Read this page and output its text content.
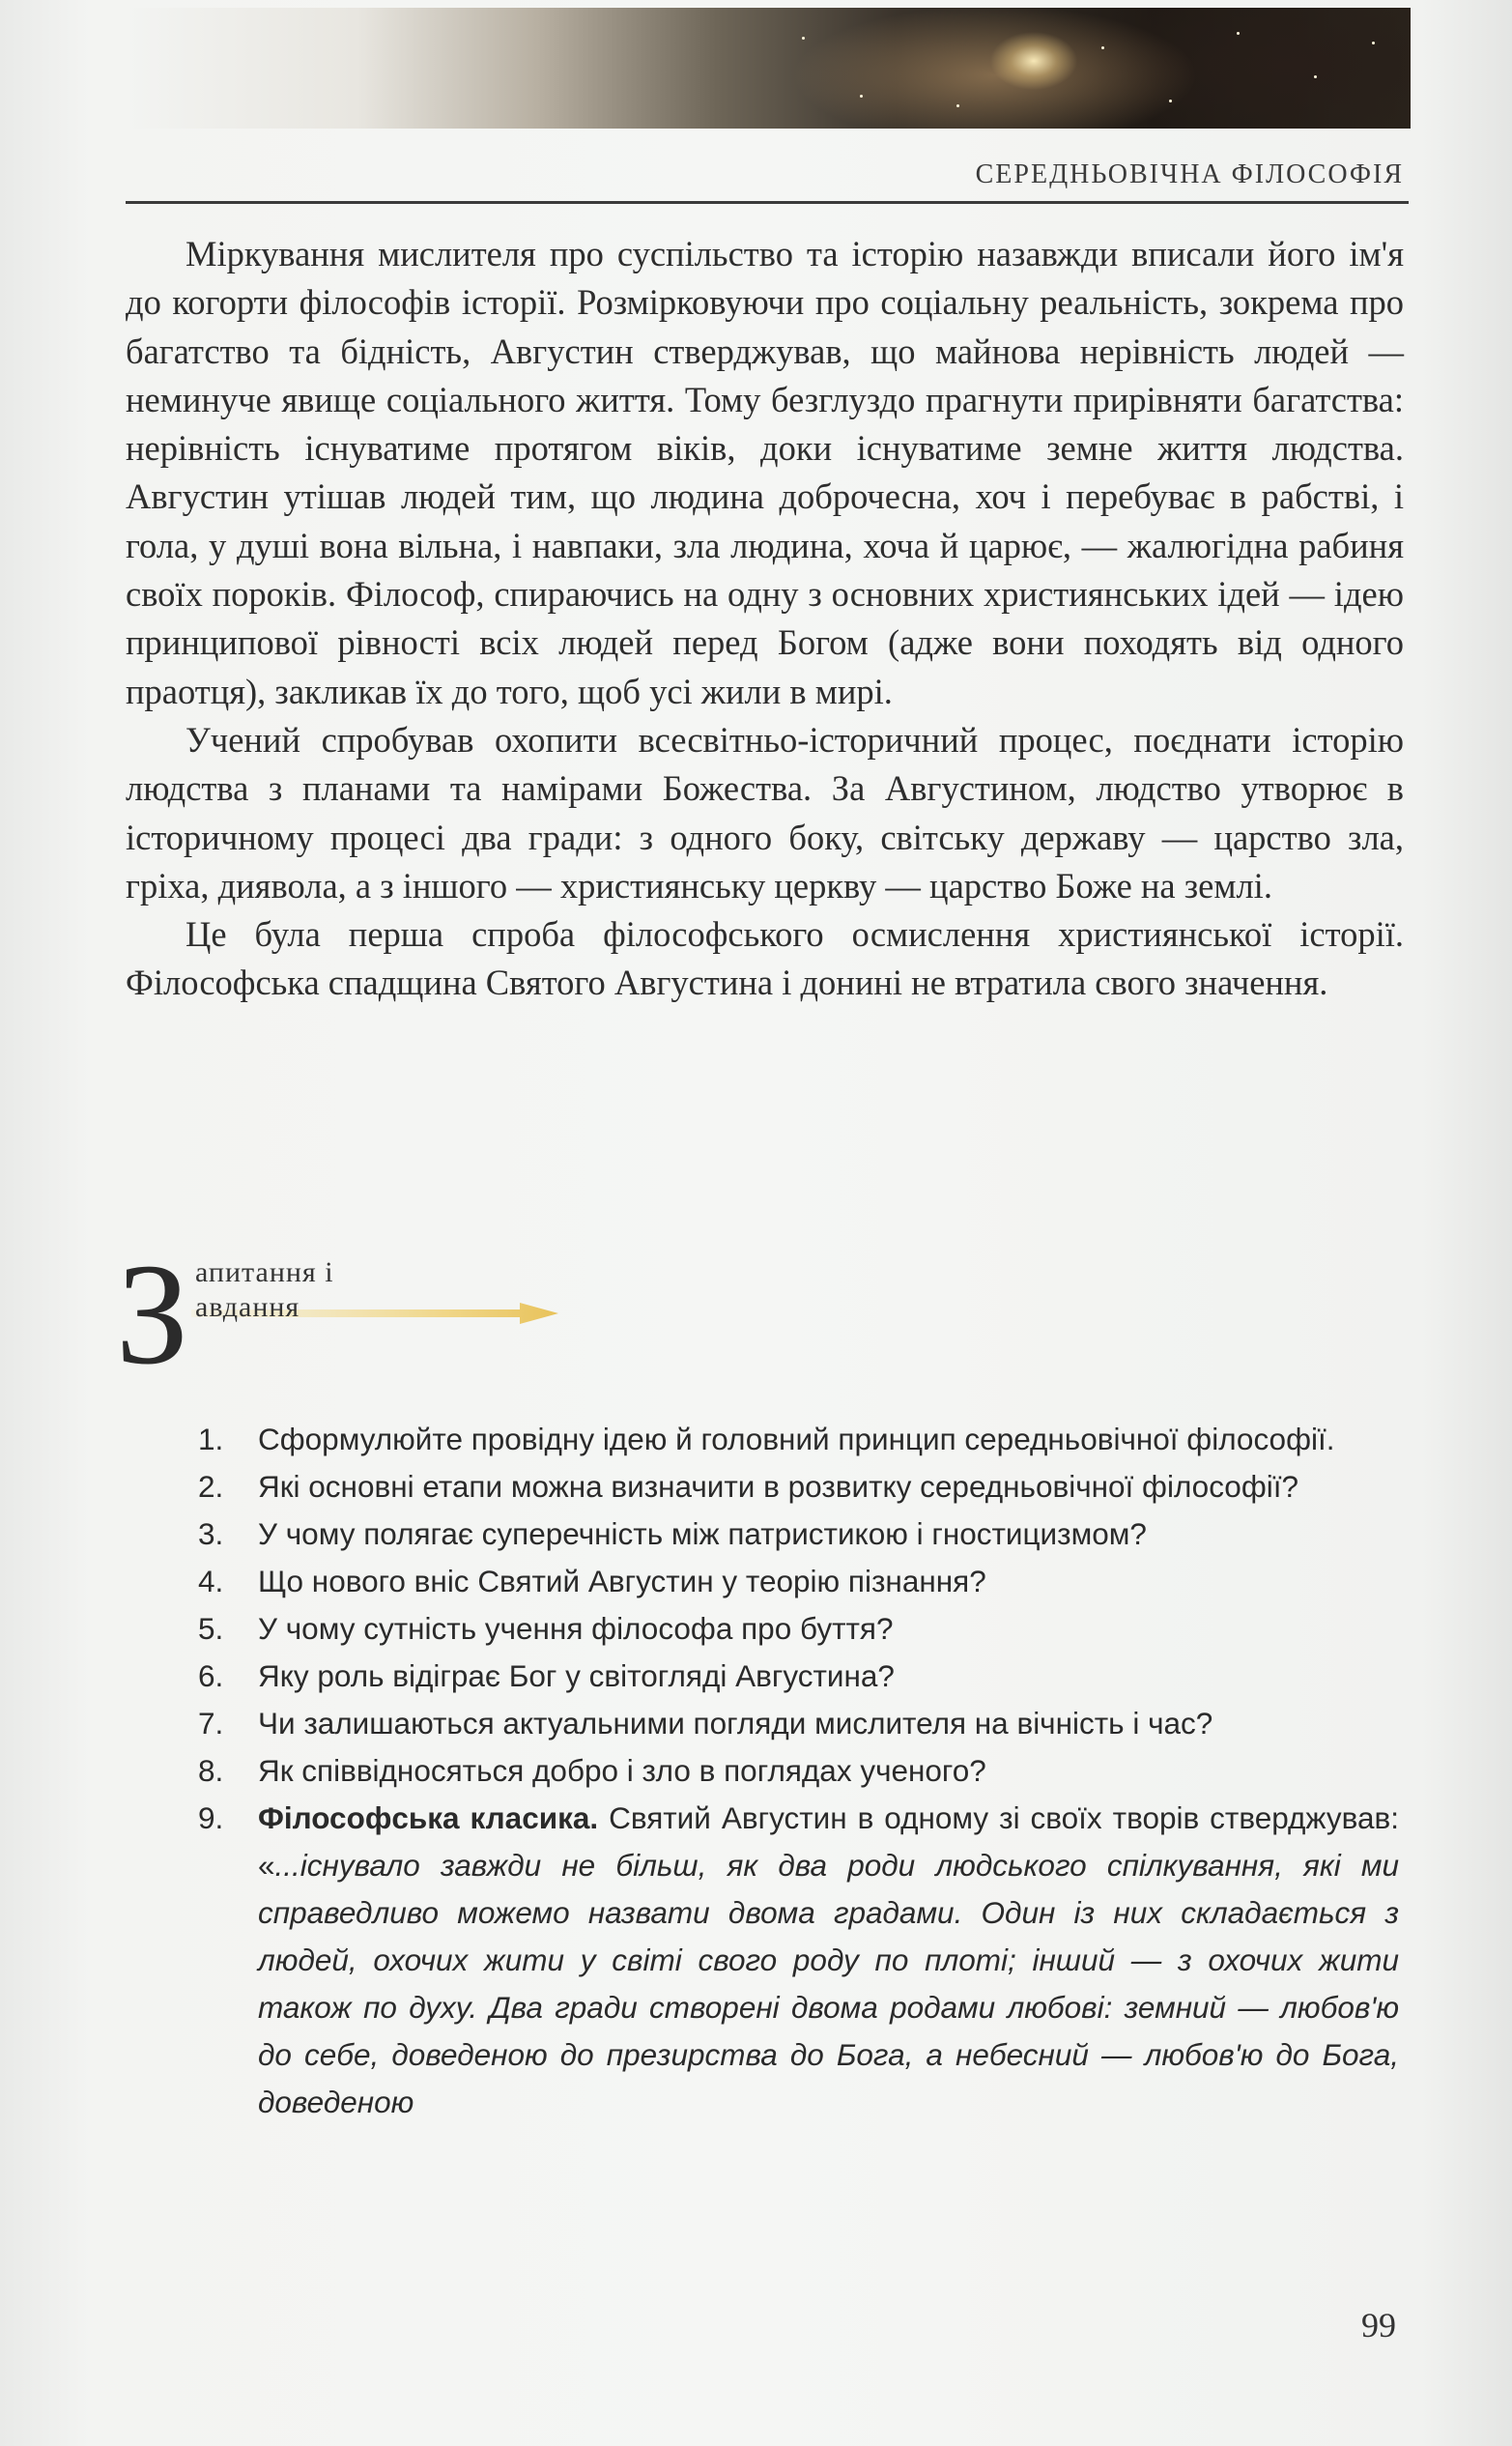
СЕРЕДНЬОВІЧНА ФІЛОСОФІЯ

Міркування мислителя про суспільство та історію назавжди вписали його ім'я до когорти філософів історії. Розмірковуючи про соціальну реальність, зокрема про багатство та бідність, Августин стверджував, що майнова нерівність людей — неминуче явище соціального життя. Тому безглуздо прагнути прирівняти багатства: нерівність існуватиме протягом віків, доки існуватиме земне життя людства. Августин утішав людей тим, що людина доброчесна, хоч і перебуває в рабстві, і гола, у душі вона вільна, і навпаки, зла людина, хоча й царює, — жалюгідна рабиня своїх пороків. Філософ, спираючись на одну з основних християнських ідей — ідею принципової рівності всіх людей перед Богом (адже вони походять від одного праотця), закликав їх до того, щоб усі жили в мирі.

Учений спробував охопити всесвітньо-історичний процес, поєднати історію людства з планами та намірами Божества. За Августином, людство утворює в історичному процесі два гради: з одного боку, світську державу — царство зла, гріха, диявола, а з іншого — християнську церкву — царство Боже на землі.

Це була перша спроба філософського осмислення християнської історії. Філософська спадщина Святого Августина і донині не втратила свого значення.

З апитання і
авдання
1. Сформулюйте провідну ідею й головний принцип середньовічної філософії.
2. Які основні етапи можна визначити в розвитку середньовічної філософії?
3. У чому полягає суперечність між патристикою і гностицизмом?
4. Що нового вніс Святий Августин у теорію пізнання?
5. У чому сутність учення філософа про буття?
6. Яку роль відіграє Бог у світогляді Августина?
7. Чи залишаються актуальними погляди мислителя на вічність і час?
8. Як співвідносяться добро і зло в поглядах ученого?
9. Філософська класика. Святий Августин в одному зі своїх творів стверджував: «...існувало завжди не більш, як два роди людського спілкування, які ми справедливо можемо назвати двома градами. Один із них складається з людей, охочих жити у світі свого роду по плоті; інший — з охочих жити також по духу. Два гради створені двома родами любові: земний — любов'ю до себе, доведеною до презирства до Бога, а небесний — любов'ю до Бога, доведеною
99
